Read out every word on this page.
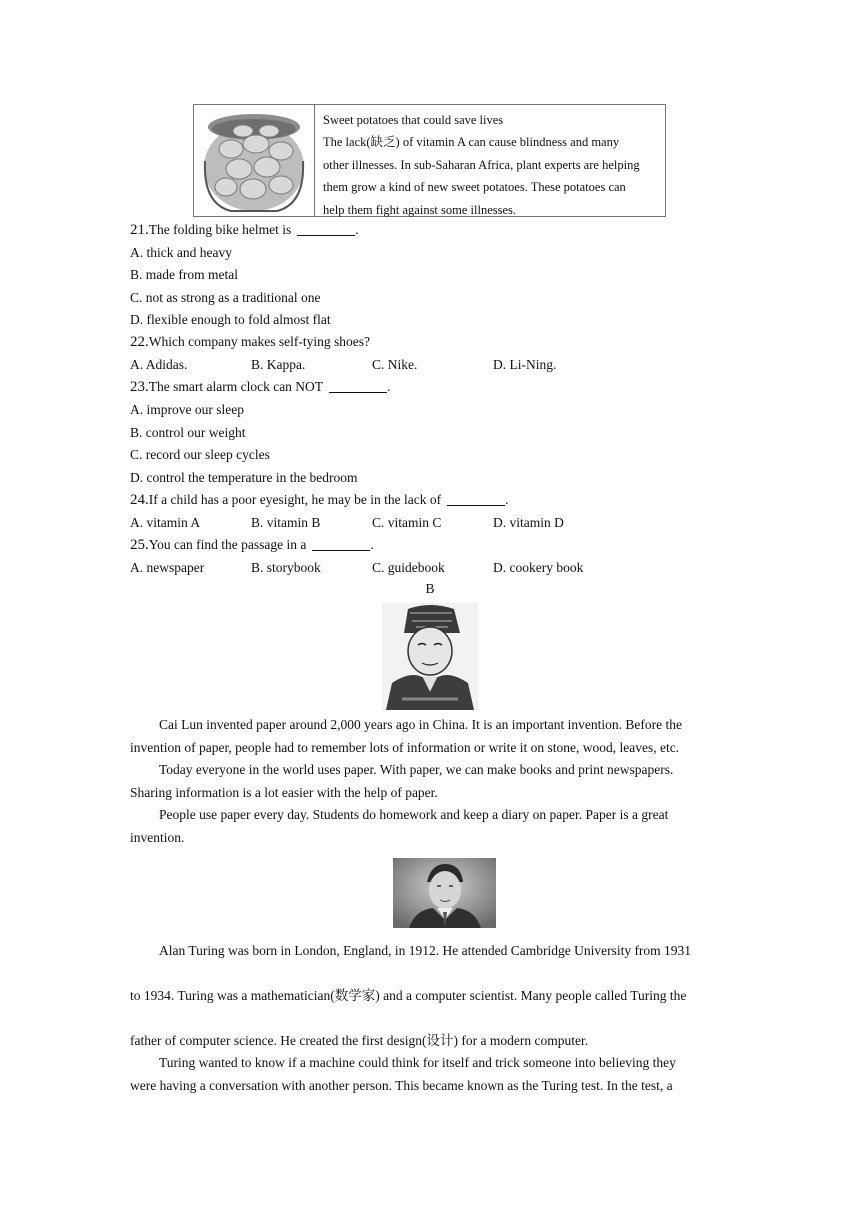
Sweet potatoes that could save lives
The lack(缺乏) of vitamin A can cause blindness and many
other illnesses. In sub-Saharan Africa, plant experts are helping
them grow a kind of new sweet potatoes. These potatoes can
help them fight against some illnesses.
21.The folding bike helmet is	.
A. thick and heavy
B. made from metal
C. not as strong as a traditional one
D. flexible enough to fold almost flat
22.Which company makes self-tying shoes?
A. Adidas.	B. Kappa.	C. Nike.	D. Li-Ning.
23.The smart alarm clock can NOT	.
A. improve our sleep
B. control our weight
C. record our sleep cycles
D. control the temperature in the bedroom
24.If a child has a poor eyesight, he may be in the lack of	.
A. vitamin A	B. vitamin B	C. vitamin C	D. vitamin D
25.You can find the passage in a	.
A. newspaper	B. storybook	C. guidebook	D. cookery book
B
Cai Lun invented paper around 2,000 years ago in China. It is an important invention. Before the
invention of paper, people had to remember lots of information or write it on stone, wood, leaves, etc.
Today everyone in the world uses paper. With paper, we can make books and print newspapers.
Sharing information is a lot easier with the help of paper.
People use paper every day. Students do homework and keep a diary on paper. Paper is a great
invention.
Alan Turing was born in London, England, in 1912. He attended Cambridge University from 1931
to 1934. Turing was a mathematician(数学家) and a computer scientist. Many people called Turing the
father of computer science. He created the first design(设计) for a modern computer.
Turing wanted to know if a machine could think for itself and trick someone into believing they
were having a conversation with another person. This became known as the Turing test. In the test, a
